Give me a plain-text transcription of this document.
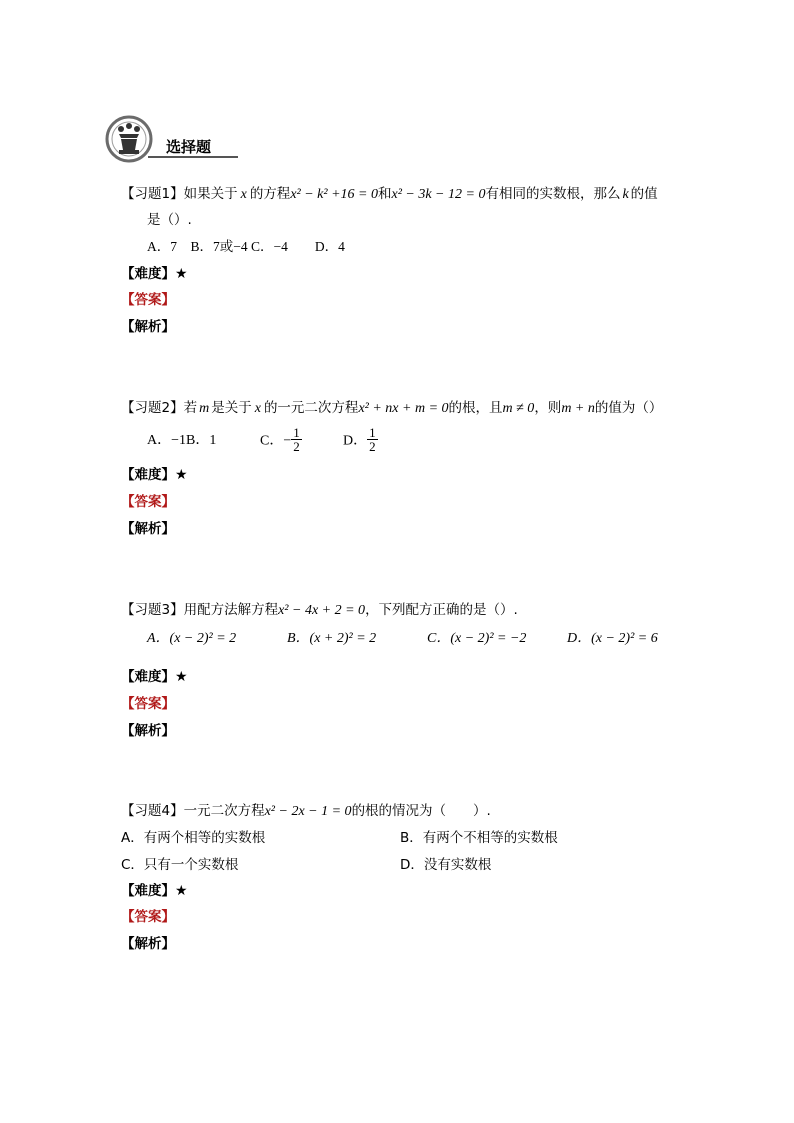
选择题
【习题1】如果关于 x 的方程x² − k² +16 = 0和x² − 3k − 12 = 0有相同的实数根，那么 k 的值
是（）.
A．7　B．7或−4 C．−4　　D．4
【难度】★
【答案】
【解析】
【习题2】若 m 是关于 x 的一元二次方程x² + nx + m = 0的根，且m ≠ 0，则m + n的值为（）
A．−1B．1	C．− $\frac{1}{2}$	D． $\frac{1}{2}$
【难度】★
【答案】
【解析】
【习题3】用配方法解方程x² − 4x + 2 = 0，下列配方正确的是（）.
A．(x − 2)² = 2	B．(x + 2)² = 2	C．(x − 2)² = −2	D．(x − 2)² = 6
【难度】★
【答案】
【解析】
【习题4】一元二次方程x² − 2x − 1 = 0的根的情况为（　　）.
A．有两个相等的实数根	B．有两个不相等的实数根
C．只有一个实数根	D．没有实数根
【难度】★
【答案】
【解析】
